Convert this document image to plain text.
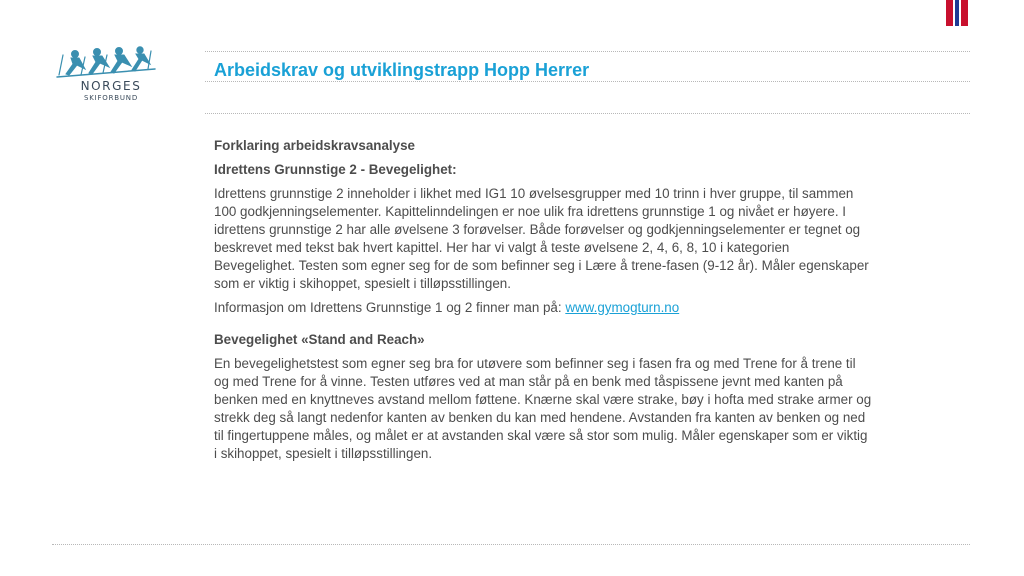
NORGES
SKIFORBUND
Arbeidskrav og utviklingstrapp Hopp Herrer

Forklaring arbeidskravsanalyse

Idrettens Grunnstige 2 - Bevegelighet:

Idrettens grunnstige 2 inneholder i likhet med IG1 10 øvelsesgrupper med 10 trinn i hver gruppe, til sammen 100 godkjenningselementer. Kapittelinndelingen er noe ulik fra idrettens grunnstige 1 og nivået er høyere. I idrettens grunnstige 2 har alle øvelsene 3 forøvelser. Både forøvelser og godkjenningselementer er tegnet og beskrevet med tekst bak hvert kapittel. Her har vi valgt å teste øvelsene 2, 4, 6, 8, 10 i kategorien Bevegelighet. Testen som egner seg for de som befinner seg i Lære å trene-fasen (9-12 år). Måler egenskaper som er viktig i skihoppet, spesielt i tilløpsstillingen.

Informasjon om Idrettens Grunnstige 1 og 2 finner man på: www.gymogturn.no

Bevegelighet «Stand and Reach»

En bevegelighetstest som egner seg bra for utøvere som befinner seg i fasen fra og med Trene for å trene til og med Trene for å vinne. Testen utføres ved at man står på en benk med tåspissene jevnt med kanten på benken med en knyttneves avstand mellom føttene. Knærne skal være strake, bøy i hofta med strake armer og strekk deg så langt nedenfor kanten av benken du kan med hendene. Avstanden fra kanten av benken og ned til fingertuppene måles, og målet er at avstanden skal være så stor som mulig. Måler egenskaper som er viktig i skihoppet, spesielt i tilløpsstillingen.
